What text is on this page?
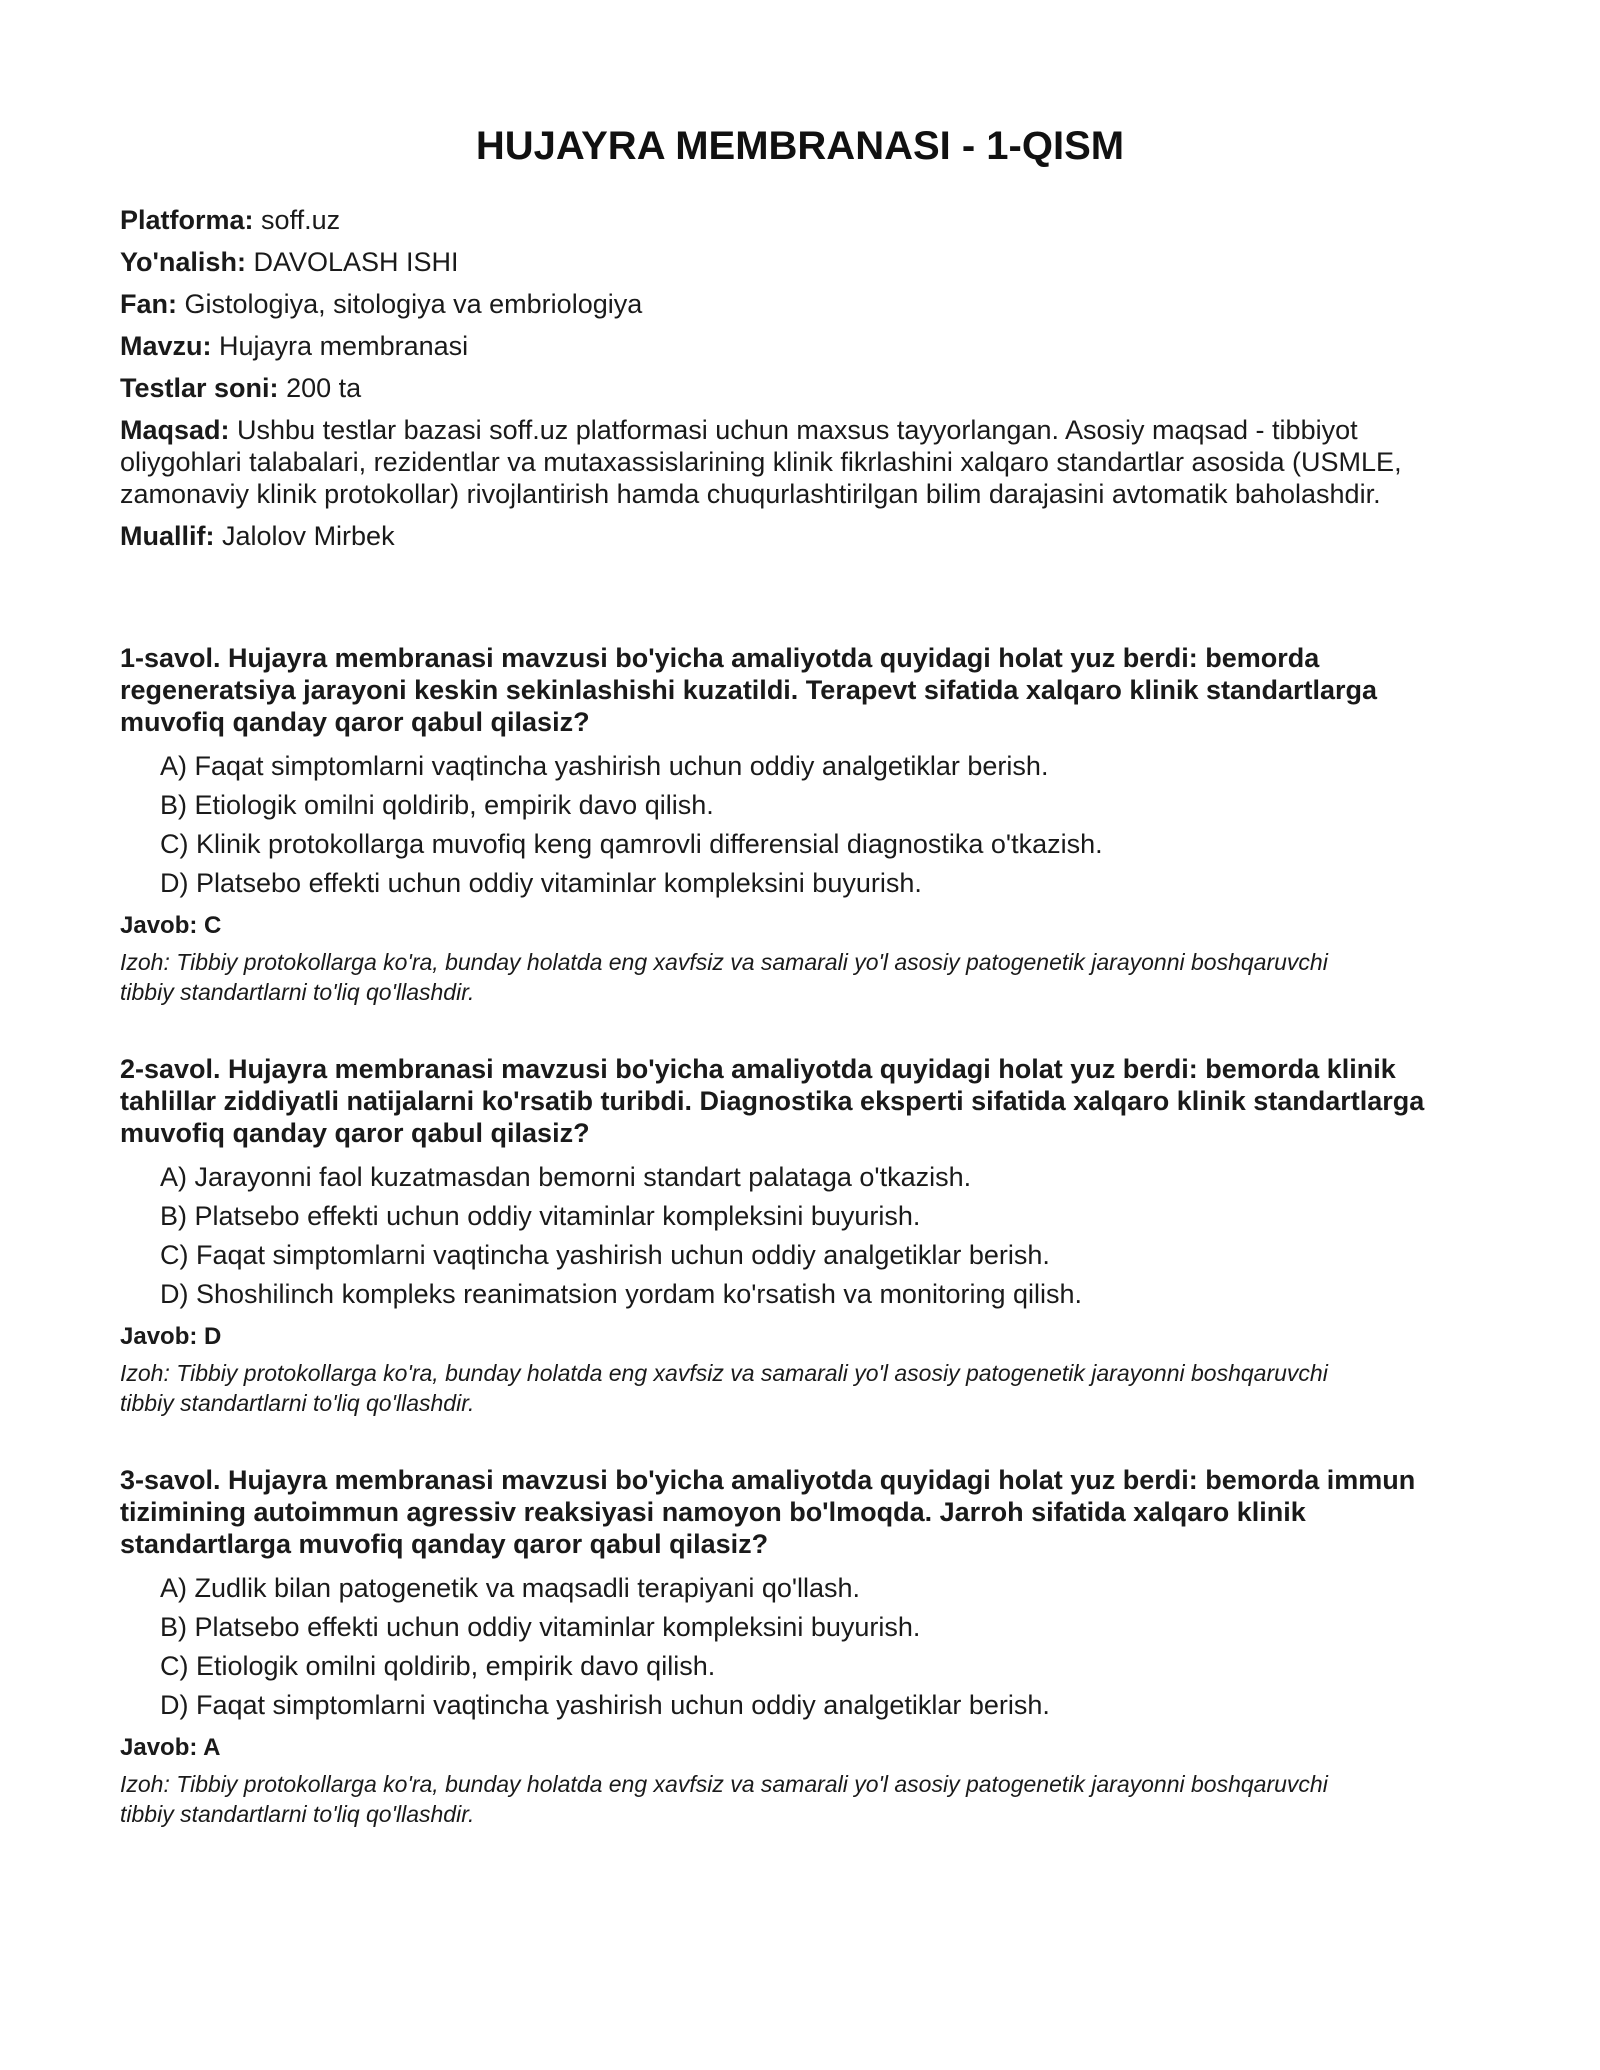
HUJAYRA MEMBRANASI - 1-QISM

Platforma: soff.uz

Yo'nalish: DAVOLASH ISHI

Fan: Gistologiya, sitologiya va embriologiya

Mavzu: Hujayra membranasi

Testlar soni: 200 ta

Maqsad: Ushbu testlar bazasi soff.uz platformasi uchun maxsus tayyorlangan. Asosiy maqsad - tibbiyot oliygohlari talabalari, rezidentlar va mutaxassislarining klinik fikrlashini xalqaro standartlar asosida (USMLE, zamonaviy klinik protokollar) rivojlantirish hamda chuqurlashtirilgan bilim darajasini avtomatik baholashdir.

Muallif: Jalolov Mirbek

1-savol. Hujayra membranasi mavzusi bo'yicha amaliyotda quyidagi holat yuz berdi: bemorda regeneratsiya jarayoni keskin sekinlashishi kuzatildi. Terapevt sifatida xalqaro klinik standartlarga muvofiq qanday qaror qabul qilasiz?

A) Faqat simptomlarni vaqtincha yashirish uchun oddiy analgetiklar berish.
B) Etiologik omilni qoldirib, empirik davo qilish.
C) Klinik protokollarga muvofiq keng qamrovli differensial diagnostika o'tkazish.
D) Platsebo effekti uchun oddiy vitaminlar kompleksini buyurish.

Javob: C

Izoh: Tibbiy protokollarga ko'ra, bunday holatda eng xavfsiz va samarali yo'l asosiy patogenetik jarayonni boshqaruvchi tibbiy standartlarni to'liq qo'llashdir.

2-savol. Hujayra membranasi mavzusi bo'yicha amaliyotda quyidagi holat yuz berdi: bemorda klinik tahlillar ziddiyatli natijalarni ko'rsatib turibdi. Diagnostika eksperti sifatida xalqaro klinik standartlarga muvofiq qanday qaror qabul qilasiz?

A) Jarayonni faol kuzatmasdan bemorni standart palataga o'tkazish.
B) Platsebo effekti uchun oddiy vitaminlar kompleksini buyurish.
C) Faqat simptomlarni vaqtincha yashirish uchun oddiy analgetiklar berish.
D) Shoshilinch kompleks reanimatsion yordam ko'rsatish va monitoring qilish.

Javob: D

Izoh: Tibbiy protokollarga ko'ra, bunday holatda eng xavfsiz va samarali yo'l asosiy patogenetik jarayonni boshqaruvchi tibbiy standartlarni to'liq qo'llashdir.

3-savol. Hujayra membranasi mavzusi bo'yicha amaliyotda quyidagi holat yuz berdi: bemorda immun tizimining autoimmun agressiv reaksiyasi namoyon bo'lmoqda. Jarroh sifatida xalqaro klinik standartlarga muvofiq qanday qaror qabul qilasiz?

A) Zudlik bilan patogenetik va maqsadli terapiyani qo'llash.
B) Platsebo effekti uchun oddiy vitaminlar kompleksini buyurish.
C) Etiologik omilni qoldirib, empirik davo qilish.
D) Faqat simptomlarni vaqtincha yashirish uchun oddiy analgetiklar berish.

Javob: A

Izoh: Tibbiy protokollarga ko'ra, bunday holatda eng xavfsiz va samarali yo'l asosiy patogenetik jarayonni boshqaruvchi tibbiy standartlarni to'liq qo'llashdir.
